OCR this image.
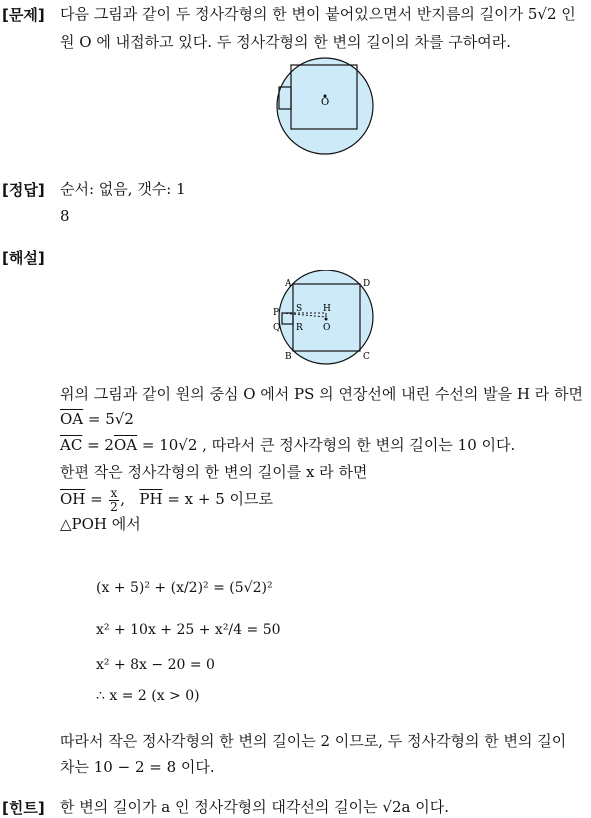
[문제] 다음 그림과 같이 두 정사각형의 한 변이 붙어있으면서 반지름의 길이가 5√2 인
원 O 에 내접하고 있다. 두 정사각형의 한 변의 길이의 차를 구하여라.
O
[정답] 순서: 없음, 갯수: 1
8
[해설]
A	D
P S H
Q R O
B	C
위의 그림과 같이 원의 중심 O 에서 PS 의 연장선에 내린 수선의 발을 H 라 하면
$\overline{OA} = 5√2$
$\overline{AC} = 2\overline{OA} = 10√2$ , 따라서 큰 정사각형의 한 변의 길이는 10 이다.
한편 작은 정사각형의 한 변의 길이를 x 라 하면
$\overline{OH} = \frac{x}{2}$ ,   $\overline{PH} = x + 5$ 이므로
△POH 에서
(x + 5)² + (x/2)² = (5√2)²
x² + 10x + 25 + x²/4 = 50
x² + 8x − 20 = 0
∴ x = 2 (x > 0)
따라서 작은 정사각형의 한 변의 길이는 2 이므로, 두 정사각형의 한 변의 길이
차는 10 − 2 = 8 이다.
[힌트] 한 변의 길이가 a 인 정사각형의 대각선의 길이는 √2a 이다.
